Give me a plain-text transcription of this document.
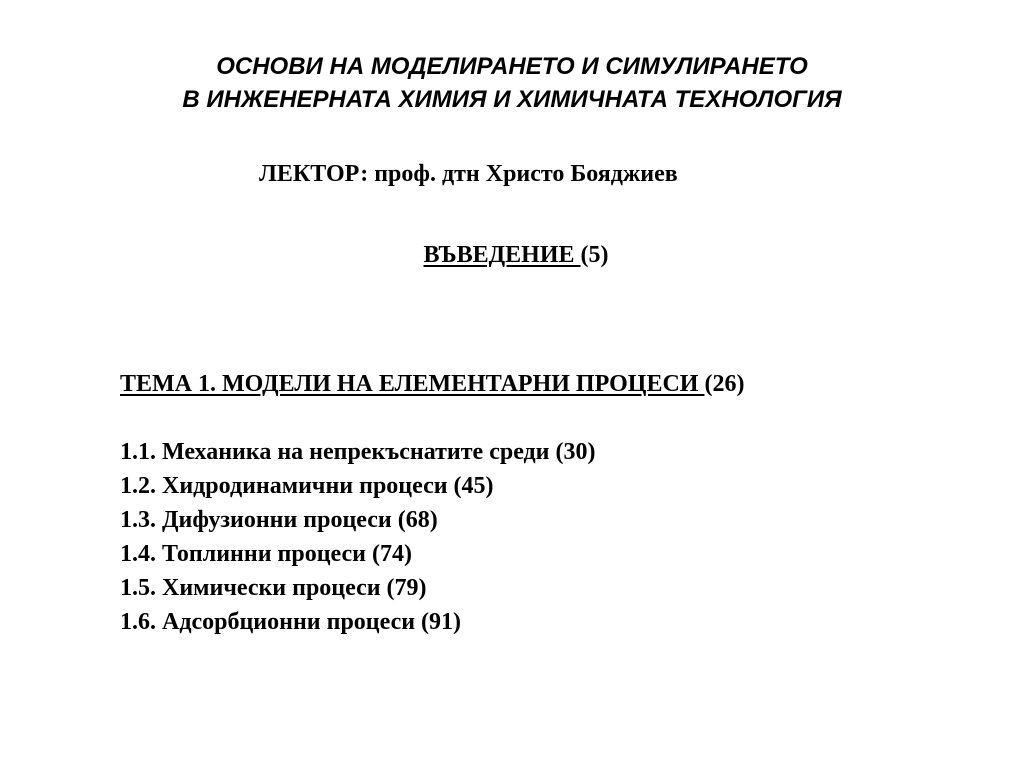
ОСНОВИ НА МОДЕЛИРАНЕТО И СИМУЛИРАНЕТО
В ИНЖЕНЕРНАТА ХИМИЯ И ХИМИЧНАТА ТЕХНОЛОГИЯ
ЛЕКТОР: проф. дтн Христо Бояджиев
ВЪВЕДЕНИЕ (5)
ТЕМА 1. МОДЕЛИ НА ЕЛЕМЕНТАРНИ ПРОЦЕСИ (26)
1.1. Механика на непрекъснатите среди (30)
1.2. Хидродинамични процеси (45)
1.3. Дифузионни процеси (68)
1.4. Топлинни процеси (74)
1.5. Химически процеси (79)
1.6. Адсорбционни процеси (91)
